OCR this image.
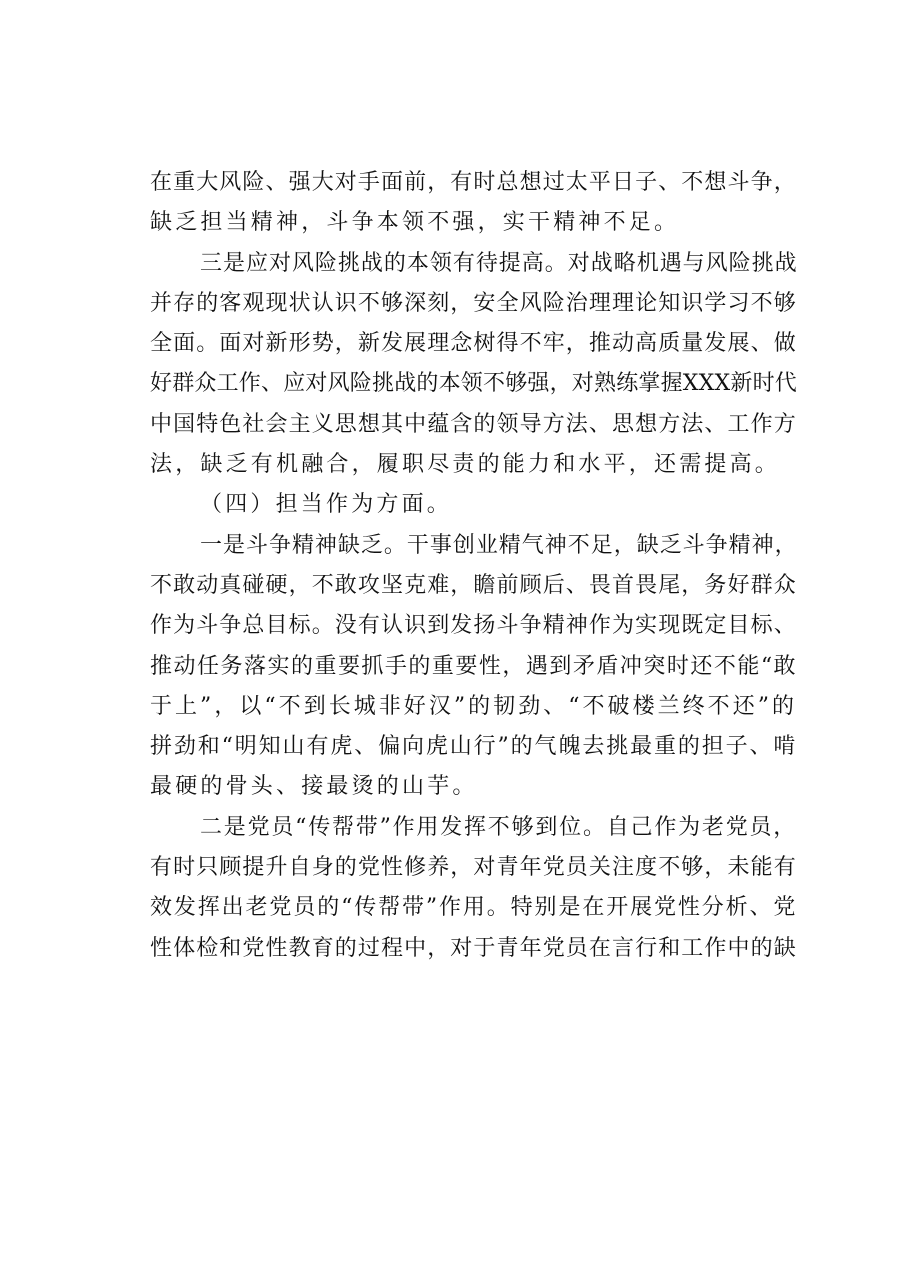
在重大风险、强大对手面前，有时总想过太平日子、不想斗争，
缺乏担当精神，斗争本领不强，实干精神不足。
三是应对风险挑战的本领有待提高。对战略机遇与风险挑战
并存的客观现状认识不够深刻，安全风险治理理论知识学习不够
全面。面对新形势，新发展理念树得不牢，推动高质量发展、做
好群众工作、应对风险挑战的本领不够强，对熟练掌握XXX新时代
中国特色社会主义思想其中蕴含的领导方法、思想方法、工作方
法，缺乏有机融合，履职尽责的能力和水平，还需提高。
（四）担当作为方面。
一是斗争精神缺乏。干事创业精气神不足，缺乏斗争精神，
不敢动真碰硬，不敢攻坚克难，瞻前顾后、畏首畏尾，务好群众
作为斗争总目标。没有认识到发扬斗争精神作为实现既定目标、
推动任务落实的重要抓手的重要性，遇到矛盾冲突时还不能“敢
于上”，以“不到长城非好汉”的韧劲、“不破楼兰终不还”的
拼劲和“明知山有虎、偏向虎山行”的气魄去挑最重的担子、啃
最硬的骨头、接最烫的山芋。
二是党员“传帮带”作用发挥不够到位。自己作为老党员，
有时只顾提升自身的党性修养，对青年党员关注度不够，未能有
效发挥出老党员的“传帮带”作用。特别是在开展党性分析、党
性体检和党性教育的过程中，对于青年党员在言行和工作中的缺
